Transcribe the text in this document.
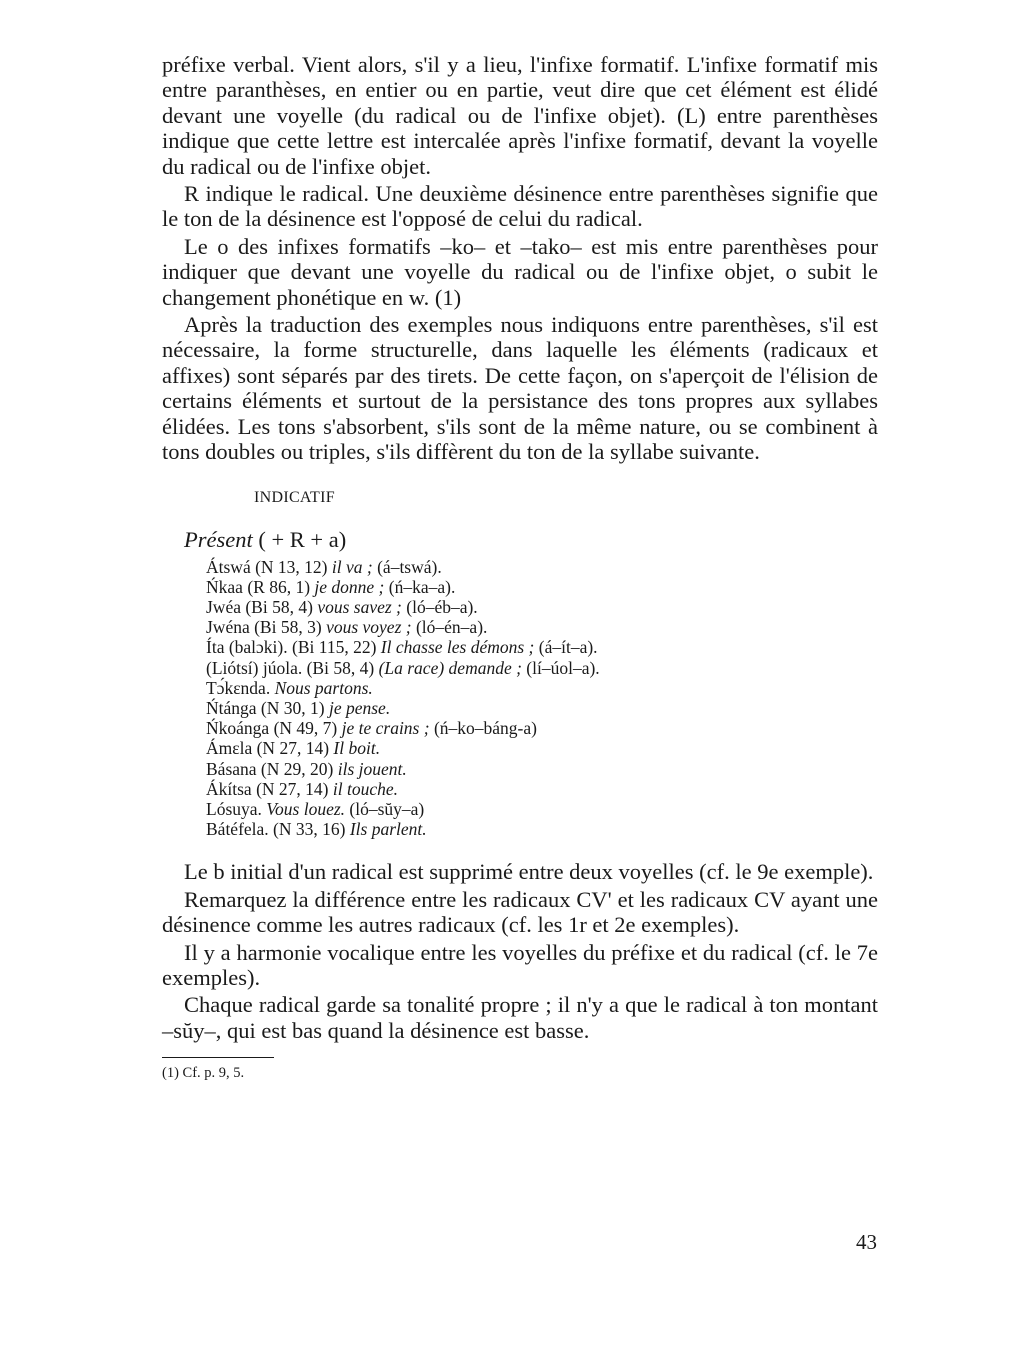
préfixe verbal. Vient alors, s'il y a lieu, l'infixe formatif. L'infixe formatif mis entre paranthèses, en entier ou en partie, veut dire que cet élément est élidé devant une voyelle (du radical ou de l'infixe objet). (L) entre parenthèses indique que cette lettre est intercalée après l'infixe formatif, devant la voyelle du radical ou de l'infixe objet.

R indique le radical. Une deuxième désinence entre parenthèses signifie que le ton de la désinence est l'opposé de celui du radical.

Le o des infixes formatifs –ko– et –tako– est mis entre parenthèses pour indiquer que devant une voyelle du radical ou de l'infixe objet, o subit le changement phonétique en w. (1)

Après la traduction des exemples nous indiquons entre parenthèses, s'il est nécessaire, la forme structurelle, dans laquelle les éléments (radicaux et affixes) sont séparés par des tirets. De cette façon, on s'aperçoit de l'élision de certains éléments et surtout de la persistance des tons propres aux syllabes élidées. Les tons s'absorbent, s'ils sont de la même nature, ou se combinent à tons doubles ou triples, s'ils diffèrent du ton de la syllabe suivante.

INDICATIF
Présent ( + R + a)
Átswá (N 13, 12) il va ; (á–tswá).
Ńkaa (R 86, 1) je donne ; (ń–ka–a).
Jwéa (Bi 58, 4) vous savez ; (ló–éb–a).
Jwéna (Bi 58, 3) vous voyez ; (ló–én–a).
Íta (balɔki). (Bi 115, 22) Il chasse les démons ; (á–ít–a).
(Liótsí) júola. (Bi 58, 4) (La race) demande ; (lí–úol–a).
Tɔ́kɛnda. Nous partons.
Ńtánga (N 30, 1) je pense.
Ńkoánga (N 49, 7) je te crains ; (ń–ko–báng-a)
Ámɛla (N 27, 14) Il boit.
Básana (N 29, 20) ils jouent.
Ákítsa (N 27, 14) il touche.
Lósuya. Vous louez. (ló–sŭy–a)
Bátéfela. (N 33, 16) Ils parlent.

Le b initial d'un radical est supprimé entre deux voyelles (cf. le 9e exemple).

Remarquez la différence entre les radicaux CV' et les radicaux CV ayant une désinence comme les autres radicaux (cf. les 1r et 2e exemples).

Il y a harmonie vocalique entre les voyelles du préfixe et du radical (cf. le 7e exemples).

Chaque radical garde sa tonalité propre ; il n'y a que le radical à ton montant –sŭy–, qui est bas quand la désinence est basse.

(1) Cf. p. 9, 5.

43
